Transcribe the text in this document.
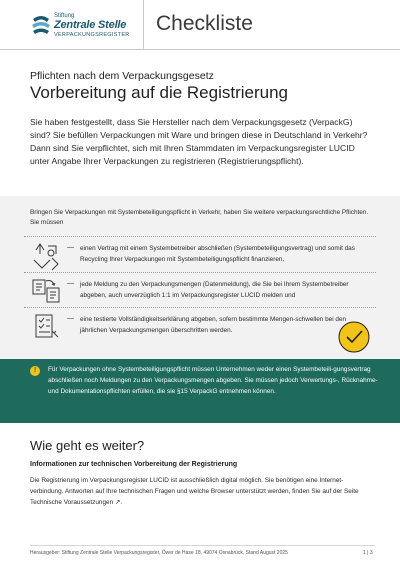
Stiftung
Zentrale Stelle
VERPACKUNGSREGISTER Checkliste
Pflichten nach dem Verpackungsgesetz
Vorbereitung auf die Registrierung

Sie haben festgestellt, dass Sie Hersteller nach dem Verpackungsgesetz (VerpackG) sind? Sie befüllen Verpackungen mit Ware und bringen diese in Deutschland in Verkehr? Dann sind Sie verpflichtet, sich mit Ihren Stammdaten im Verpackungsregister LUCID unter Angabe Ihrer Verpackungen zu registrieren (Registrierungspflicht).

Bringen Sie Verpackungen mit Systembeteiligungspflicht in Verkehr, haben Sie weitere verpackungsrechtliche Pflichten. Sie müssen

— einen Vertrag mit einem Systembetreiber abschließen (Systembeteiligungsvertrag) und somit das Recycling Ihrer Verpackungen mit Systembeteiligungspflicht finanzieren,

— jede Meldung zu den Verpackungsmengen (Datenmeldung), die Sie bei Ihrem Systembetreiber abgeben, auch unverzüglich 1:1 im Verpackungsregister LUCID melden und

— eine testierte Vollständigkeitserklärung abgeben, sofern bestimmte Mengen-schwellen bei den jährlichen Verpackungsmengen überschritten werden.

!	Für Verpackungen ohne Systembeteiligungspflicht müssen Unternehmen weder einen Systembeteili-gungsvertrag abschließen noch Meldungen zu den Verpackungsmengen abgeben. Sie müssen jedoch Verwertungs-, Rücknahme- und Dokumentationspflichten erfüllen, die sie §15 VerpackG entnehmen können.

Wie geht es weiter?
Informationen zur technischen Vorbereitung der Registrierung

Die Registrierung im Verpackungsregister LUCID ist ausschließlich digital möglich. Sie benötigen eine Internet-verbindung. Antworten auf Ihre technischen Fragen und welche Browser unterstützt werden, finden Sie auf der Seite Technische Voraussetzungen ↗.

Herausgeber: Stiftung Zentrale Stelle Verpackungsregister, Öwer de Hase 18, 49074 Osnabrück, Stand August 2025	1 | 3
